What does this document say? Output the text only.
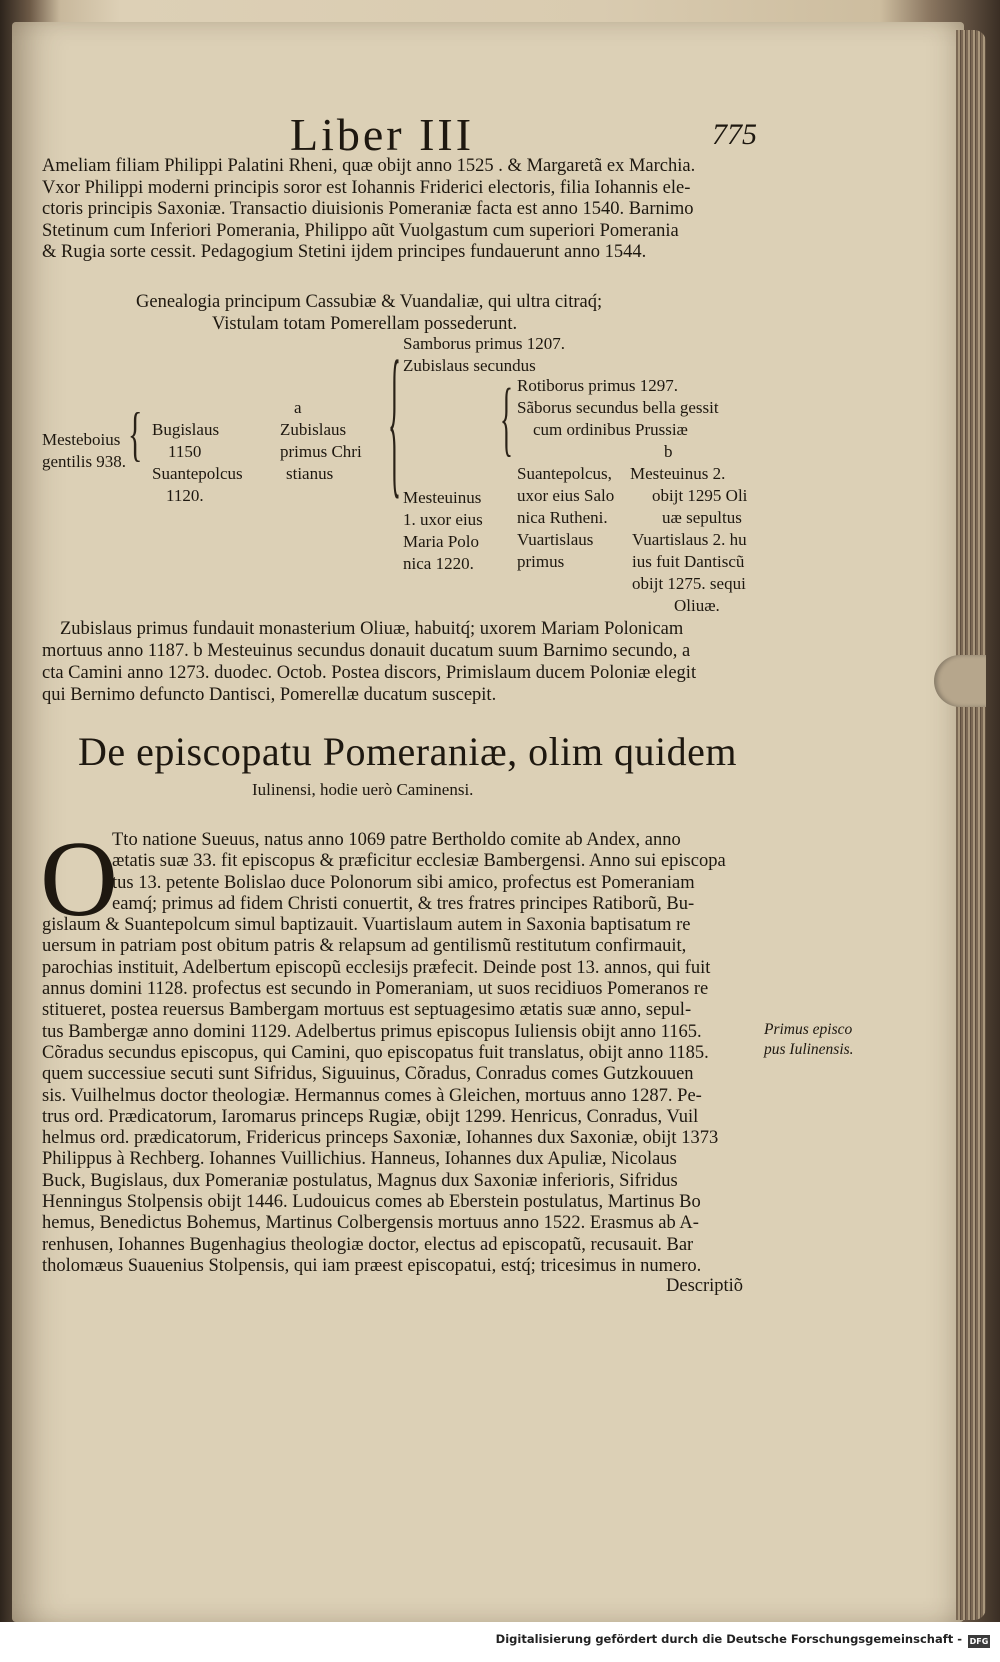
Liber III	775
Ameliam filiam Philippi Palatini Rheni, quæ obijt anno 1525 . & Margaretã ex Marchia.
Vxor Philippi moderni principis soror est Iohannis Friderici electoris, filia Iohannis ele-
ctoris principis Saxoniæ. Transactio diuisionis Pomeraniæ facta est anno 1540. Barnimo
Stetinum cum Inferiori Pomerania, Philippo aũt Vuolgastum cum superiori Pomerania
& Rugia sorte cessit. Pedagogium Stetini ijdem principes fundauerunt anno 1544.
Genealogia principum Cassubiæ & Vuandaliæ, qui ultra citraq́;
Vistulam totam Pomerellam possederunt.
Mesteboius
gentilis 938. { Bugislaus
1150
Suantepolcus
1120.
a
Zubislaus
primus Chri
stianus { Samborus primus 1207.
Zubislaus secundus
Mesteuinus
1. uxor eius
Maria Polo
nica 1220.
{ Rotiborus primus 1297.
Sãborus secundus bella gessit
cum ordinibus Prussiæ
b
Suantepolcus,
uxor eius Salo
nica Rutheni.
Vuartislaus
primus
Mesteuinus 2.
obijt 1295 Oli
uæ sepultus
Vuartislaus 2. hu
ius fuit Dantiscũ
obijt 1275. sequi
Oliuæ.
Zubislaus primus fundauit monasterium Oliuæ, habuitq́; uxorem Mariam Polonicam
mortuus anno 1187. b Mesteuinus secundus donauit ducatum suum Barnimo secundo, a
cta Camini anno 1273. duodec. Octob. Postea discors, Primislaum ducem Poloniæ elegit
qui Bernimo defuncto Dantisci, Pomerellæ ducatum suscepit.
De episcopatu Pomeraniæ, olim quidem
Iulinensi, hodie uerò Caminensi.
O
Tto natione Sueuus, natus anno 1069 patre Bertholdo comite ab Andex, anno
ætatis suæ 33. fit episcopus & præficitur ecclesiæ Bambergensi. Anno sui episcopa
tus 13. petente Bolislao duce Polonorum sibi amico, profectus est Pomeraniam
eamq́; primus ad fidem Christi conuertit, & tres fratres principes Ratiborũ, Bu-
gislaum & Suantepolcum simul baptizauit. Vuartislaum autem in Saxonia baptisatum re
uersum in patriam post obitum patris & relapsum ad gentilismũ restitutum confirmauit,
parochias instituit, Adelbertum episcopũ ecclesijs præfecit. Deinde post 13. annos, qui fuit
annus domini 1128. profectus est secundo in Pomeraniam, ut suos recidiuos Pomeranos re
stitueret, postea reuersus Bambergam mortuus est septuagesimo ætatis suæ anno, sepul-
tus Bambergæ anno domini 1129. Adelbertus primus episcopus Iuliensis obijt anno 1165.
Cõradus secundus episcopus, qui Camini, quo episcopatus fuit translatus, obijt anno 1185.
quem successiue secuti sunt Sifridus, Siguuinus, Cõradus, Conradus comes Gutzkouuen
sis. Vuilhelmus doctor theologiæ. Hermannus comes à Gleichen, mortuus anno 1287. Pe-
trus ord. Prædicatorum, Iaromarus princeps Rugiæ, obijt 1299. Henricus, Conradus, Vuil
helmus ord. prædicatorum, Fridericus princeps Saxoniæ, Iohannes dux Saxoniæ, obijt 1373
Philippus à Rechberg. Iohannes Vuillichius. Hanneus, Iohannes dux Apuliæ, Nicolaus
Buck, Bugislaus, dux Pomeraniæ postulatus, Magnus dux Saxoniæ inferioris, Sifridus
Henningus Stolpensis obijt 1446. Ludouicus comes ab Eberstein postulatus, Martinus Bo
hemus, Benedictus Bohemus, Martinus Colbergensis mortuus anno 1522. Erasmus ab A-
renhusen, Iohannes Bugenhagius theologiæ doctor, electus ad episcopatũ, recusauit. Bar
tholomæus Suauenius Stolpensis, qui iam præest episcopatui, estq́; tricesimus in numero.
Descriptiõ
Primus episco
pus Iulinensis.
Digitalisierung gefördert durch die Deutsche Forschungsgemeinschaft - DFG
